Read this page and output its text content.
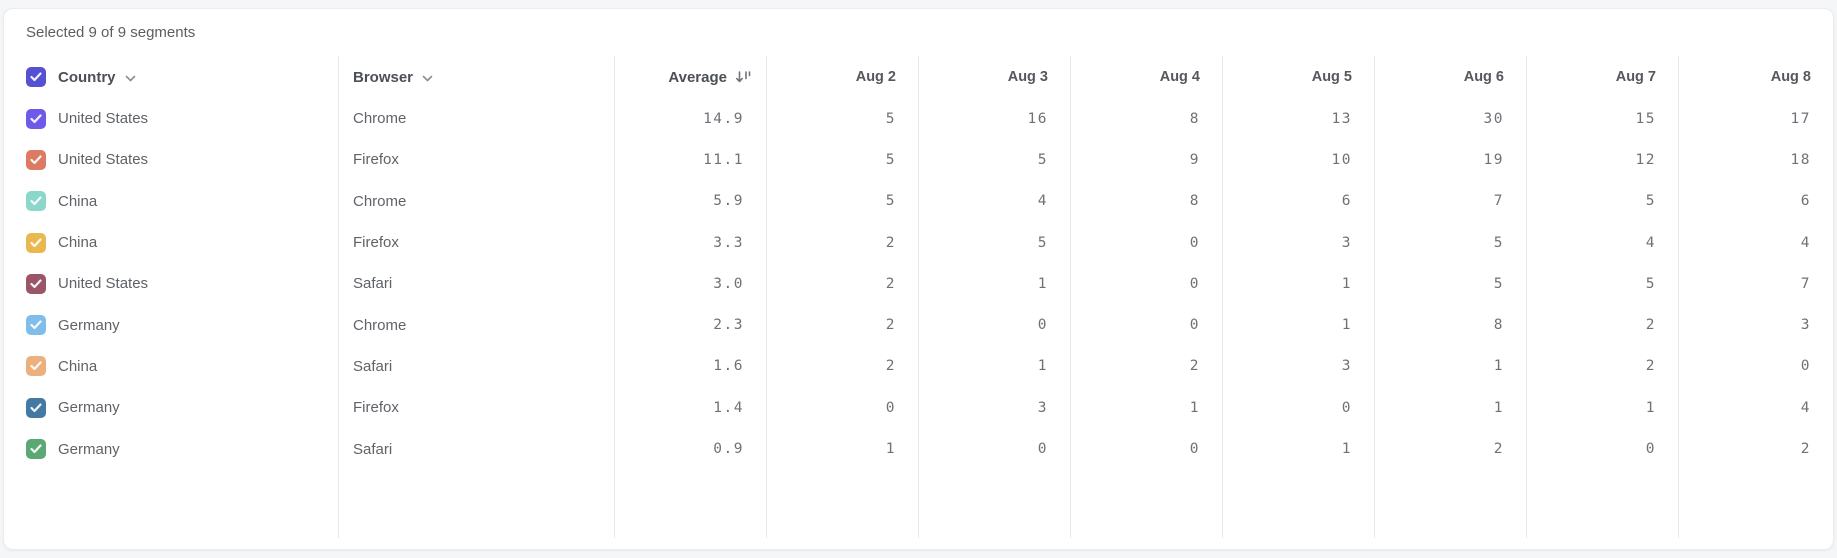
Selected 9 of 9 segments
Country	Browser	Average	Aug 2	Aug 3	Aug 4	Aug 5	Aug 6	Aug 7	Aug 8
United States	Chrome	14.9	5	16	8	13	30	15	17
United States	Firefox	11.1	5	5	9	10	19	12	18
China	Chrome	5.9	5	4	8	6	7	5	6
China	Firefox	3.3	2	5	0	3	5	4	4
United States	Safari	3.0	2	1	0	1	5	5	7
Germany	Chrome	2.3	2	0	0	1	8	2	3
China	Safari	1.6	2	1	2	3	1	2	0
Germany	Firefox	1.4	0	3	1	0	1	1	4
Germany	Safari	0.9	1	0	0	1	2	0	2
